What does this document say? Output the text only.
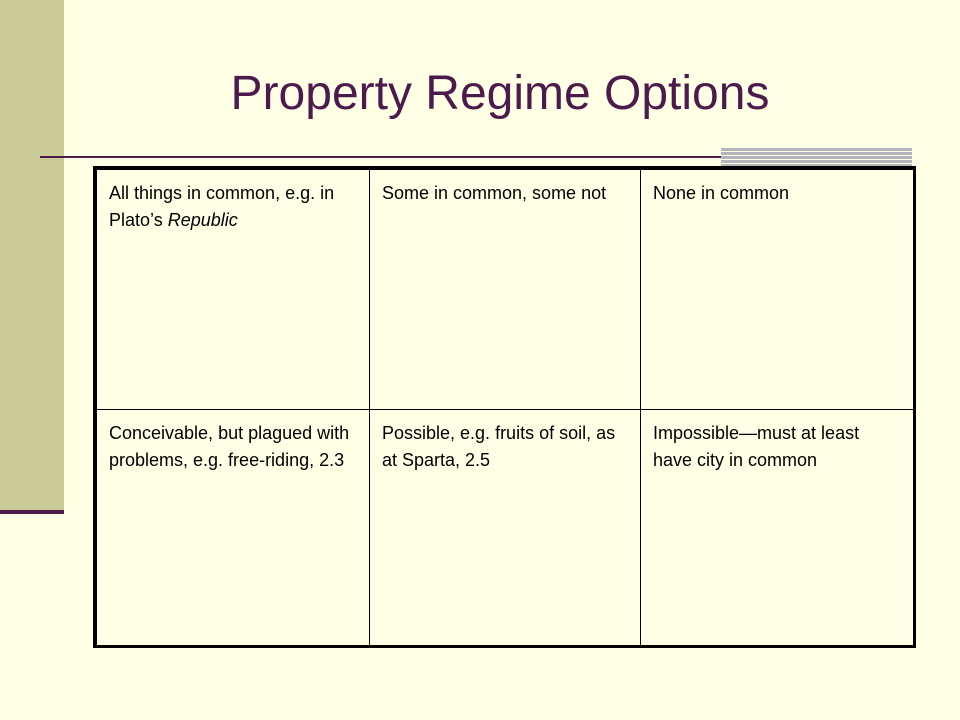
Property Regime Options
All things in common, e.g. in Plato’s Republic	Some in common, some not	None in common
Conceivable, but plagued with problems, e.g. free-riding, 2.3	Possible, e.g. fruits of soil, as at Sparta, 2.5	Impossible—must at least have city in common
